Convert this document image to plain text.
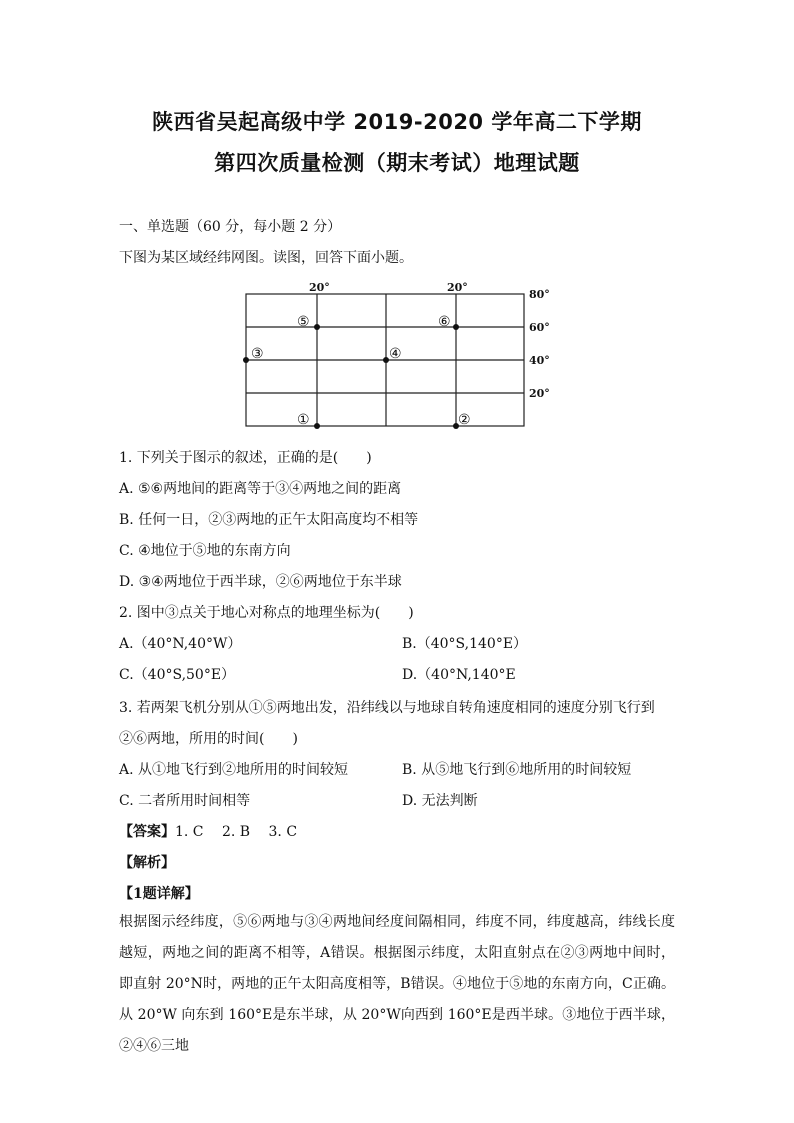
陕西省吴起高级中学 2019-2020 学年高二下学期
第四次质量检测（期末考试）地理试题
一、单选题（60 分，每小题 2 分）
下图为某区域经纬网图。读图，回答下面小题。
20°	20°
80°
60°
40°
20°
⑤	⑥
③	④
①	②
1. 下列关于图示的叙述，正确的是(　　)
A. ⑤⑥两地间的距离等于③④两地之间的距离
B. 任何一日，②③两地的正午太阳高度均不相等
C. ④地位于⑤地的东南方向
D. ③④两地位于西半球，②⑥两地位于东半球
2. 图中③点关于地心对称点的地理坐标为(　　)
A.（40°N,40°W）	B.（40°S,140°E）
C.（40°S,50°E）	D.（40°N,140°E
3. 若两架飞机分别从①⑤两地出发，沿纬线以与地球自转角速度相同的速度分别飞行到
②⑥两地，所用的时间(　　)
A. 从①地飞行到②地所用的时间较短	B. 从⑤地飞行到⑥地所用的时间较短
C. 二者所用时间相等	D. 无法判断
【答案】1. C　 2. B　 3. C
【解析】
【1题详解】
根据图示经纬度，⑤⑥两地与③④两地间经度间隔相同，纬度不同，纬度越高，纬线长度越短，两地之间的距离不相等，A错误。根据图示纬度，太阳直射点在②③两地中间时，即直射 20°N时，两地的正午太阳高度相等，B错误。④地位于⑤地的东南方向，C正确。从 20°W 向东到 160°E是东半球，从 20°W向西到 160°E是西半球。③地位于西半球，②④⑥三地
